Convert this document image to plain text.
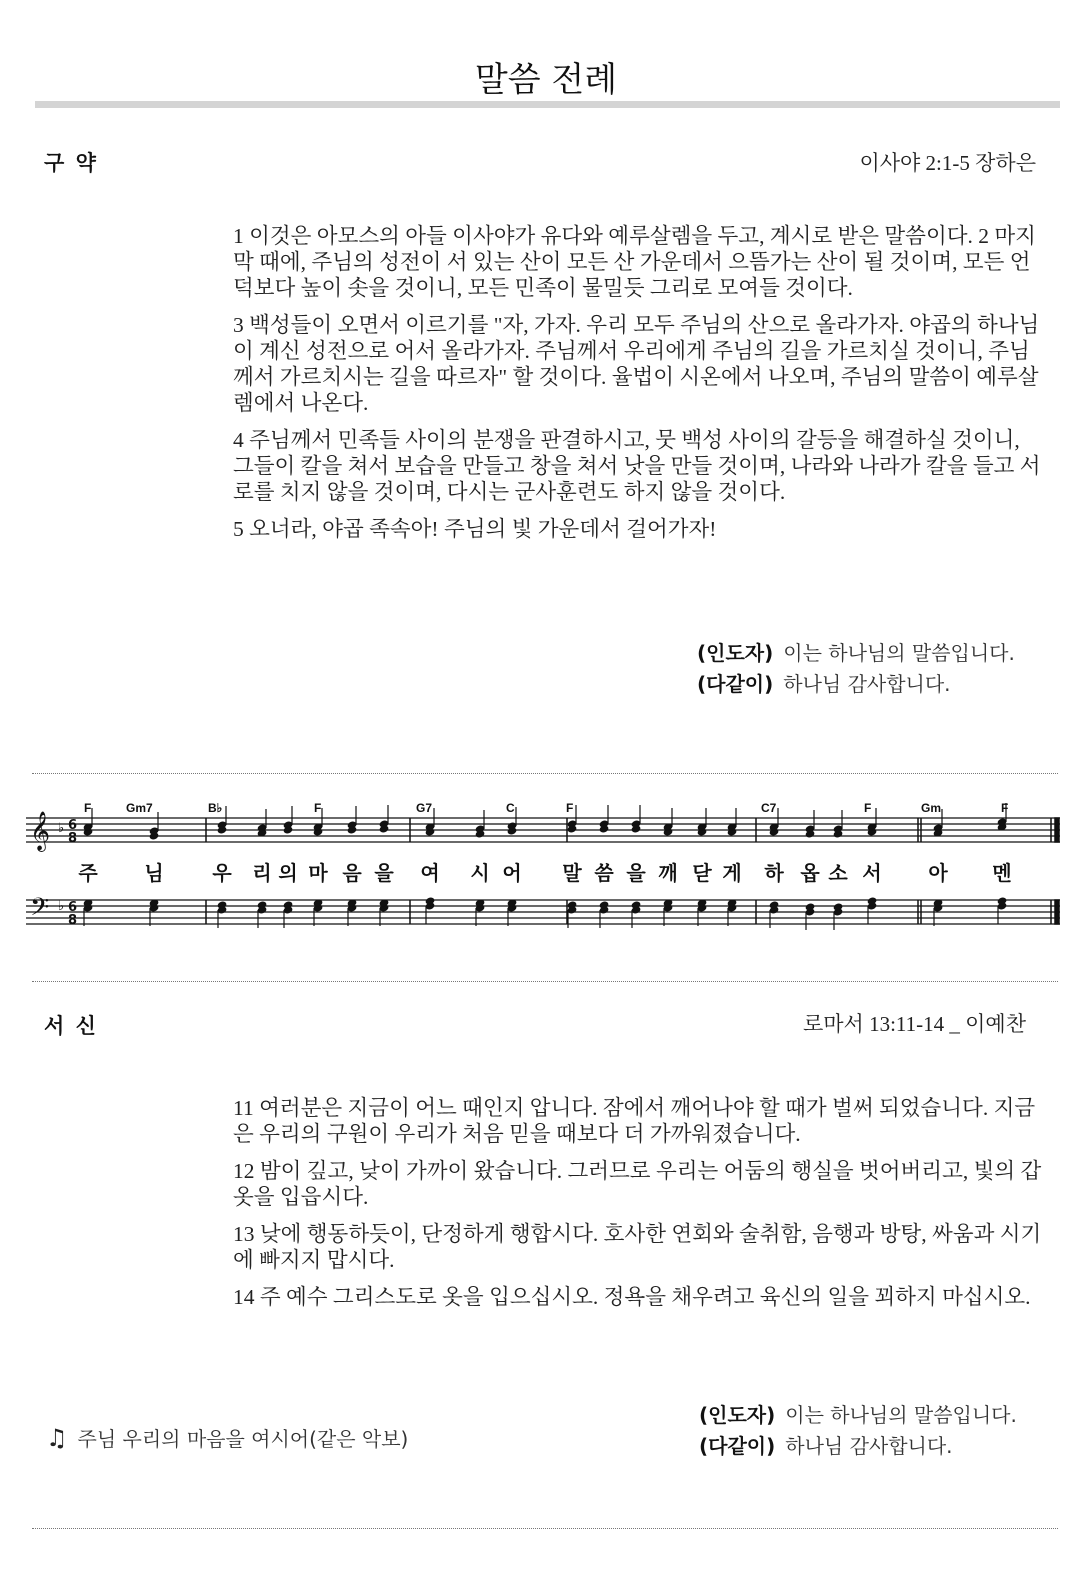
말씀 전례
구 약	이사야 2:1-5 장하은

1 이것은 아모스의 아들 이사야가 유다와 예루살렘을 두고, 계시로 받은 말씀이다. 2 마지막 때에, 주님의 성전이 서 있는 산이 모든 산 가운데서 으뜸가는 산이 될 것이며, 모든 언덕보다 높이 솟을 것이니, 모든 민족이 물밀듯 그리로 모여들 것이다.

3 백성들이 오면서 이르기를 "자, 가자. 우리 모두 주님의 산으로 올라가자. 야곱의 하나님이 계신 성전으로 어서 올라가자. 주님께서 우리에게 주님의 길을 가르치실 것이니, 주님께서 가르치시는 길을 따르자" 할 것이다. 율법이 시온에서 나오며, 주님의 말씀이 예루살렘에서 나온다.

4 주님께서 민족들 사이의 분쟁을 판결하시고, 뭇 백성 사이의 갈등을 해결하실 것이니, 그들이 칼을 쳐서 보습을 만들고 창을 쳐서 낫을 만들 것이며, 나라와 나라가 칼을 들고 서로를 치지 않을 것이며, 다시는 군사훈련도 하지 않을 것이다.

5 오너라, 야곱 족속아! 주님의 빛 가운데서 걸어가자!

(인도자) 이는 하나님의 말씀입니다.
(다같이) 하나님 감사합니다.
𝄞
𝄢
♭
♭
6
8
6
8
F	Gm7	B♭	F	G7	C	F	C7	F	Gm	F
주 님 우 리 의 마 음 을 여 시 어 말 씀 을 깨 닫 게 하 옵 소 서 아 멘
서 신	로마서 13:11-14 _ 이예찬

11 여러분은 지금이 어느 때인지 압니다. 잠에서 깨어나야 할 때가 벌써 되었습니다. 지금은 우리의 구원이 우리가 처음 믿을 때보다 더 가까워졌습니다.

12 밤이 깊고, 낮이 가까이 왔습니다. 그러므로 우리는 어둠의 행실을 벗어버리고, 빛의 갑옷을 입읍시다.

13 낮에 행동하듯이, 단정하게 행합시다. 호사한 연회와 술취함, 음행과 방탕, 싸움과 시기에 빠지지 맙시다.

14 주 예수 그리스도로 옷을 입으십시오. 정욕을 채우려고 육신의 일을 꾀하지 마십시오.

♫ 주님 우리의 마음을 여시어(같은 악보)
(인도자) 이는 하나님의 말씀입니다.
(다같이) 하나님 감사합니다.
